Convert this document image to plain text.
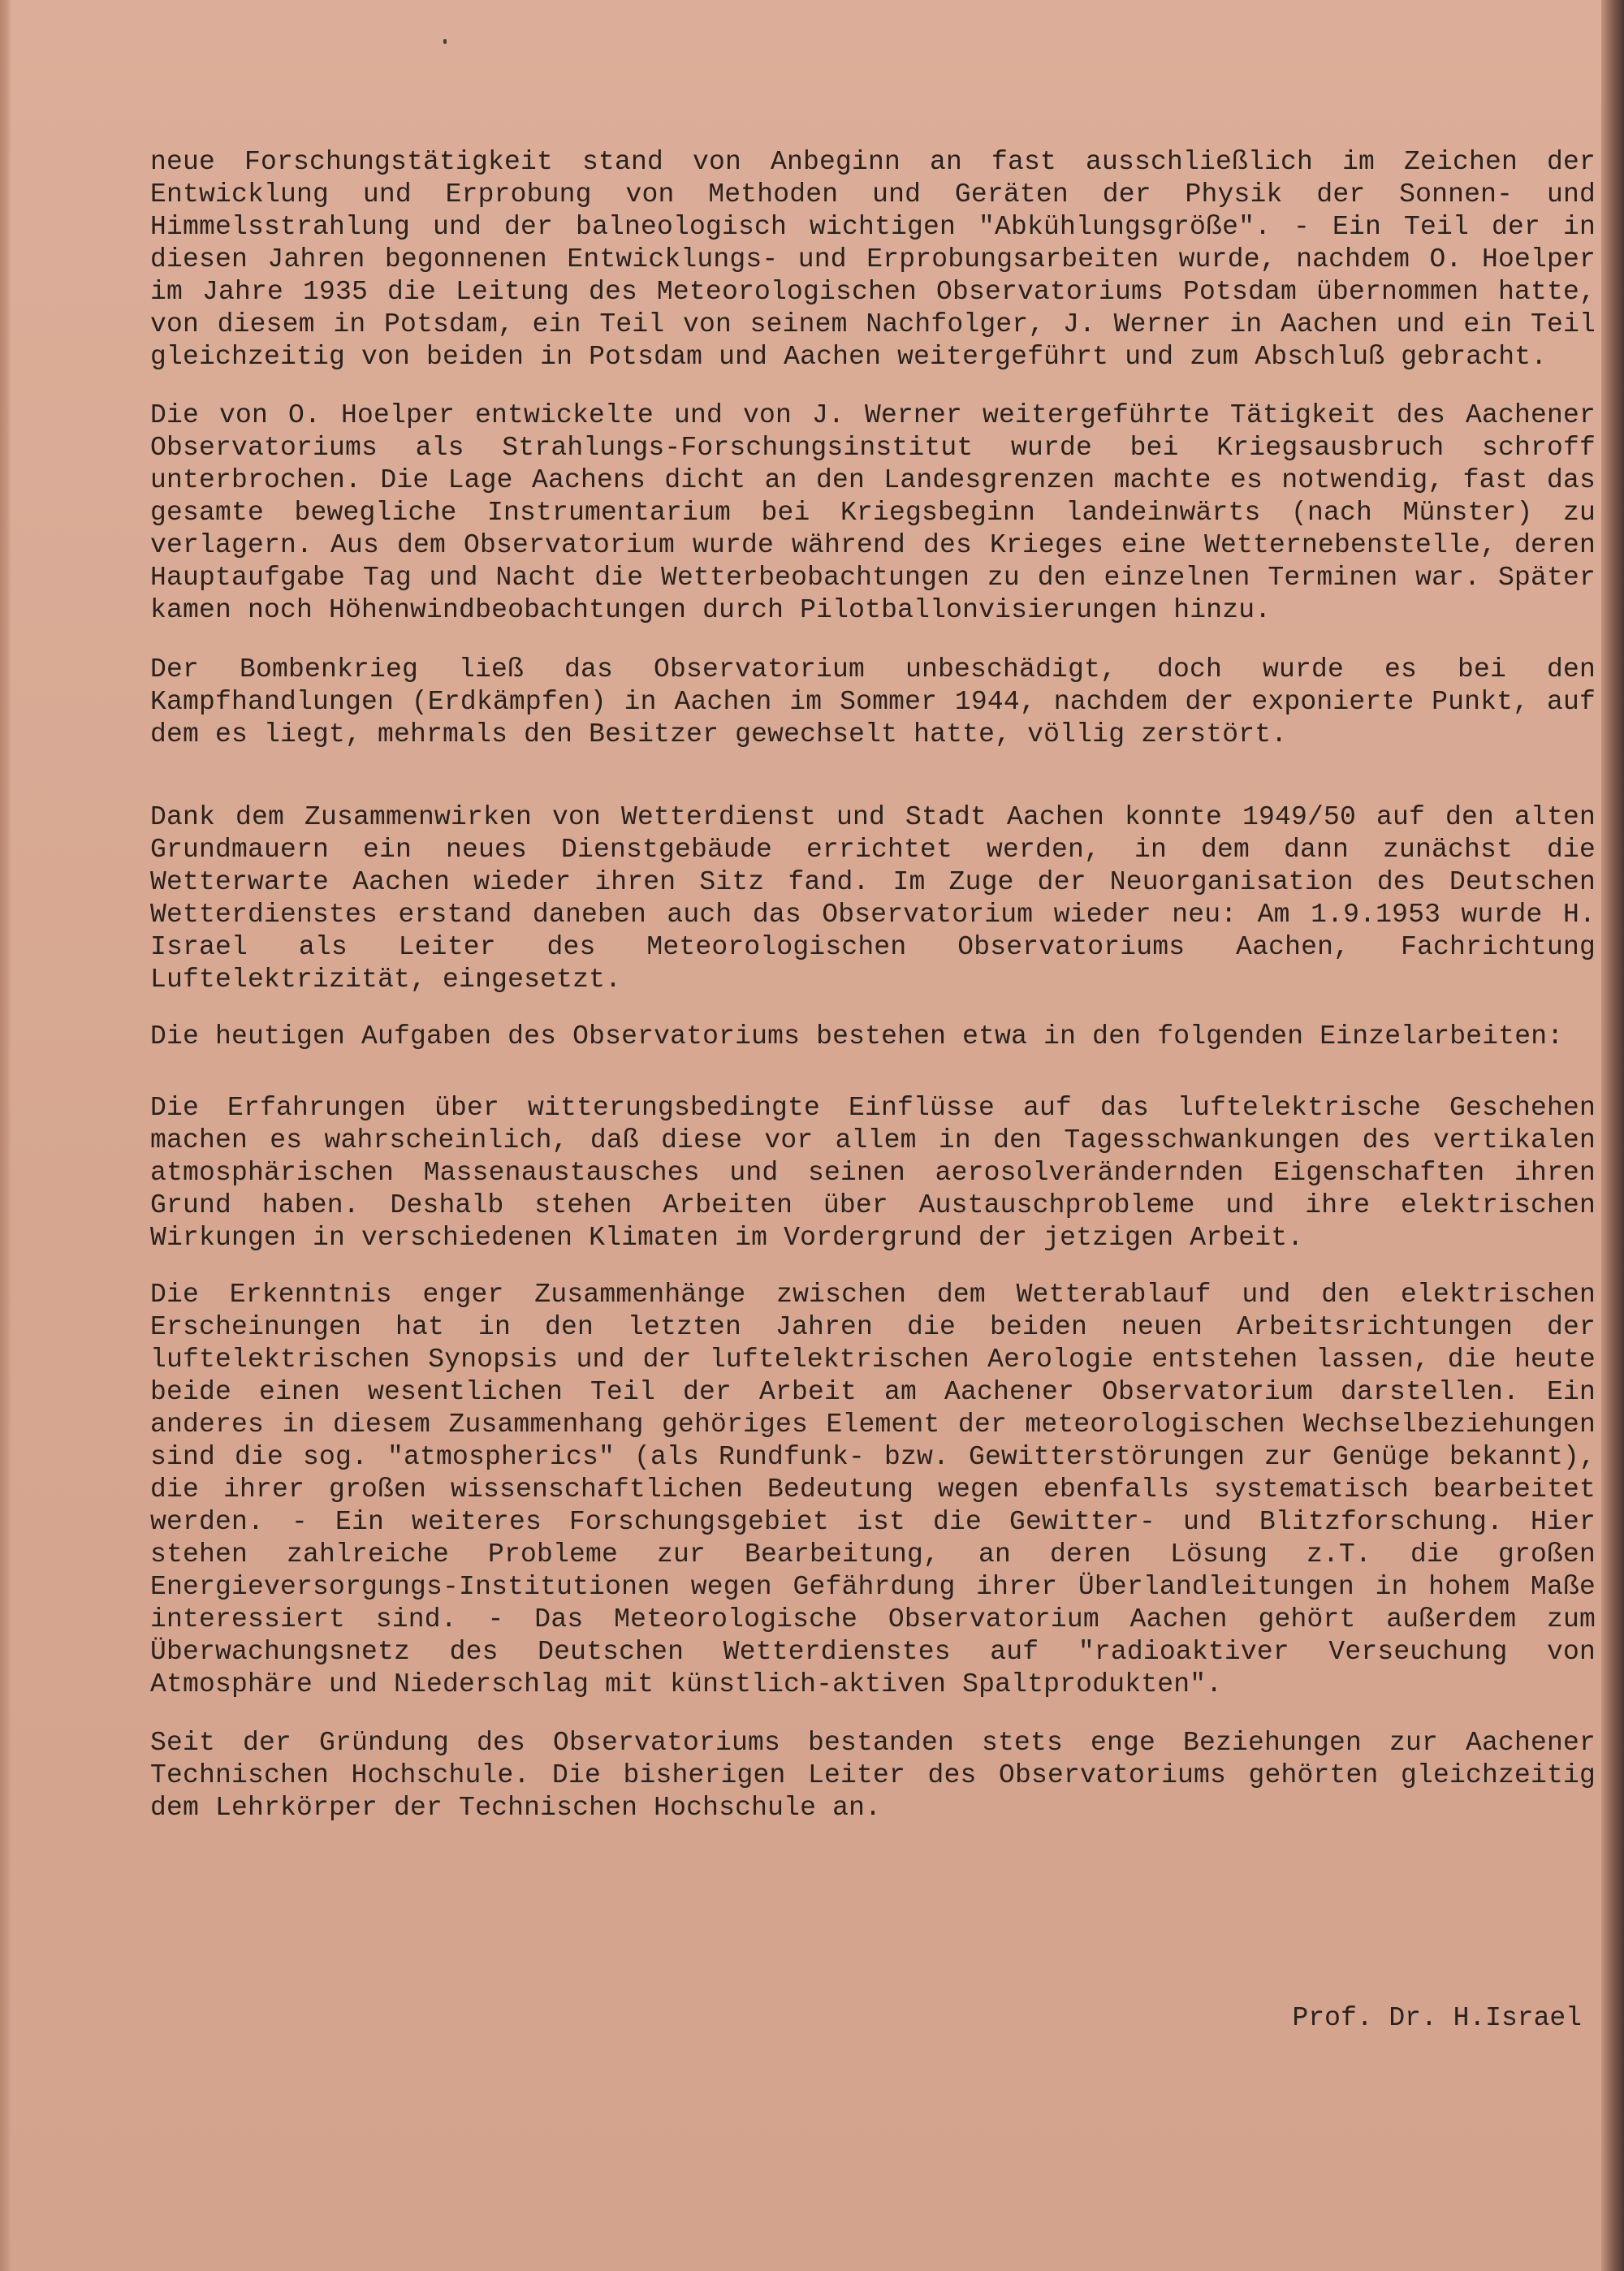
neue Forschungstätigkeit stand von Anbeginn an fast ausschließlich im Zeichen der Entwicklung und Erprobung von Methoden und Geräten der Physik der Sonnen- und Himmelsstrahlung und der balneologisch wichtigen "Abkühlungsgröße". - Ein Teil der in diesen Jahren begonnenen Entwicklungs- und Erprobungsarbeiten wurde, nachdem O. Hoelper im Jahre 1935 die Leitung des Meteorologischen Observatoriums Potsdam übernommen hatte, von diesem in Potsdam, ein Teil von seinem Nachfolger, J. Werner in Aachen und ein Teil gleichzeitig von beiden in Potsdam und Aachen weitergeführt und zum Abschluß gebracht.

Die von O. Hoelper entwickelte und von J. Werner weitergeführte Tätigkeit des Aachener Observatoriums als Strahlungs-Forschungsinstitut wurde bei Kriegsausbruch schroff unterbrochen. Die Lage Aachens dicht an den Landesgrenzen machte es notwendig, fast das gesamte bewegliche Instrumentarium bei Kriegsbeginn landeinwärts (nach Münster) zu verlagern. Aus dem Observatorium wurde während des Krieges eine Wetternebenstelle, deren Hauptaufgabe Tag und Nacht die Wetterbeobachtungen zu den einzelnen Terminen war. Später kamen noch Höhenwindbeobachtungen durch Pilotballonvisierungen hinzu.

Der Bombenkrieg ließ das Observatorium unbeschädigt, doch wurde es bei den Kampfhandlungen (Erdkämpfen) in Aachen im Sommer 1944, nachdem der exponierte Punkt, auf dem es liegt, mehrmals den Besitzer gewechselt hatte, völlig zerstört.

Dank dem Zusammenwirken von Wetterdienst und Stadt Aachen konnte 1949/50 auf den alten Grundmauern ein neues Dienstgebäude errichtet werden, in dem dann zunächst die Wetterwarte Aachen wieder ihren Sitz fand. Im Zuge der Neuorganisation des Deutschen Wetterdienstes erstand daneben auch das Observatorium wieder neu: Am 1.9.1953 wurde H. Israel als Leiter des Meteorologischen Observatoriums Aachen, Fachrichtung Luftelektrizität, eingesetzt.

Die heutigen Aufgaben des Observatoriums bestehen etwa in den folgenden Einzelarbeiten:

Die Erfahrungen über witterungsbedingte Einflüsse auf das luftelektrische Geschehen machen es wahrscheinlich, daß diese vor allem in den Tagesschwankungen des vertikalen atmosphärischen Massenaustausches und seinen aerosolverändernden Eigenschaften ihren Grund haben. Deshalb stehen Arbeiten über Austauschprobleme und ihre elektrischen Wirkungen in verschiedenen Klimaten im Vordergrund der jetzigen Arbeit.

Die Erkenntnis enger Zusammenhänge zwischen dem Wetterablauf und den elektrischen Erscheinungen hat in den letzten Jahren die beiden neuen Arbeitsrichtungen der luftelektrischen Synopsis und der luftelektrischen Aerologie entstehen lassen, die heute beide einen wesentlichen Teil der Arbeit am Aachener Observatorium darstellen. Ein anderes in diesem Zusammenhang gehöriges Element der meteorologischen Wechselbeziehungen sind die sog. "atmospherics" (als Rundfunk- bzw. Gewitterstörungen zur Genüge bekannt), die ihrer großen wissenschaftlichen Bedeutung wegen ebenfalls systematisch bearbeitet werden. - Ein weiteres Forschungsgebiet ist die Gewitter- und Blitzforschung. Hier stehen zahlreiche Probleme zur Bearbeitung, an deren Lösung z.T. die großen Energieversorgungs-Institutionen wegen Gefährdung ihrer Überlandleitungen in hohem Maße interessiert sind. - Das Meteorologische Observatorium Aachen gehört außerdem zum Überwachungsnetz des Deutschen Wetterdienstes auf "radioaktiver Verseuchung von Atmosphäre und Niederschlag mit künstlich-aktiven Spaltprodukten".

Seit der Gründung des Observatoriums bestanden stets enge Beziehungen zur Aachener Technischen Hochschule. Die bisherigen Leiter des Observatoriums gehörten gleichzeitig dem Lehrkörper der Technischen Hochschule an.

Prof. Dr. H.Israel
